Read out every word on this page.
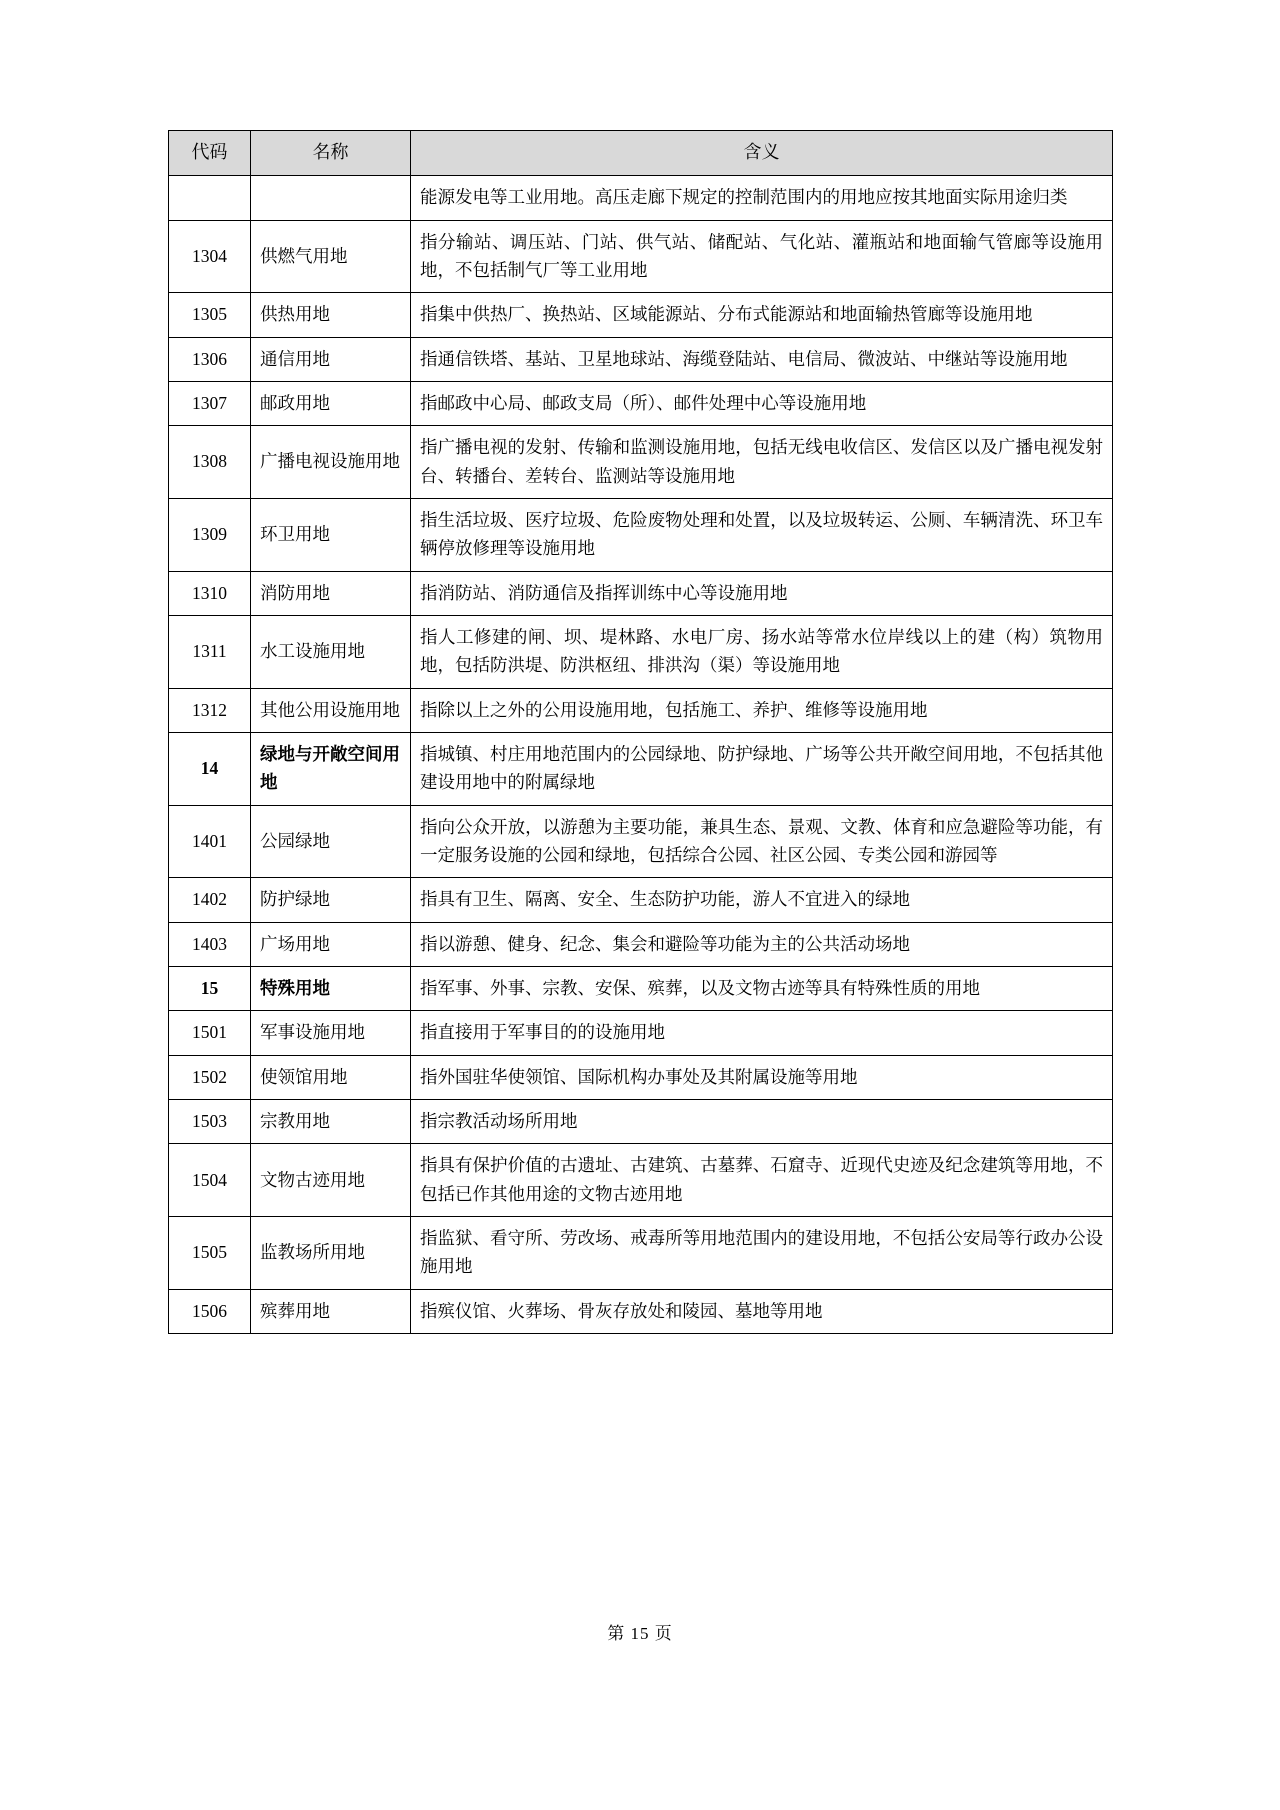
代码	名称	含义
		能源发电等工业用地。高压走廊下规定的控制范围内的用地应按其地面实际用途归类
1304	供燃气用地	指分输站、调压站、门站、供气站、储配站、气化站、灌瓶站和地面输气管廊等设施用地，不包括制气厂等工业用地
1305	供热用地	指集中供热厂、换热站、区域能源站、分布式能源站和地面输热管廊等设施用地
1306	通信用地	指通信铁塔、基站、卫星地球站、海缆登陆站、电信局、微波站、中继站等设施用地
1307	邮政用地	指邮政中心局、邮政支局（所）、邮件处理中心等设施用地
1308	广播电视设施用地	指广播电视的发射、传输和监测设施用地，包括无线电收信区、发信区以及广播电视发射台、转播台、差转台、监测站等设施用地
1309	环卫用地	指生活垃圾、医疗垃圾、危险废物处理和处置，以及垃圾转运、公厕、车辆清洗、环卫车辆停放修理等设施用地
1310	消防用地	指消防站、消防通信及指挥训练中心等设施用地
1311	水工设施用地	指人工修建的闸、坝、堤林路、水电厂房、扬水站等常水位岸线以上的建（构）筑物用地，包括防洪堤、防洪枢纽、排洪沟（渠）等设施用地
1312	其他公用设施用地	指除以上之外的公用设施用地，包括施工、养护、维修等设施用地
14	绿地与开敞空间用地	指城镇、村庄用地范围内的公园绿地、防护绿地、广场等公共开敞空间用地，不包括其他建设用地中的附属绿地
1401	公园绿地	指向公众开放，以游憩为主要功能，兼具生态、景观、文教、体育和应急避险等功能，有一定服务设施的公园和绿地，包括综合公园、社区公园、专类公园和游园等
1402	防护绿地	指具有卫生、隔离、安全、生态防护功能，游人不宜进入的绿地
1403	广场用地	指以游憩、健身、纪念、集会和避险等功能为主的公共活动场地
15	特殊用地	指军事、外事、宗教、安保、殡葬，以及文物古迹等具有特殊性质的用地
1501	军事设施用地	指直接用于军事目的的设施用地
1502	使领馆用地	指外国驻华使领馆、国际机构办事处及其附属设施等用地
1503	宗教用地	指宗教活动场所用地
1504	文物古迹用地	指具有保护价值的古遗址、古建筑、古墓葬、石窟寺、近现代史迹及纪念建筑等用地，不包括已作其他用途的文物古迹用地
1505	监教场所用地	指监狱、看守所、劳改场、戒毒所等用地范围内的建设用地，不包括公安局等行政办公设施用地
1506	殡葬用地	指殡仪馆、火葬场、骨灰存放处和陵园、墓地等用地
第 15 页
